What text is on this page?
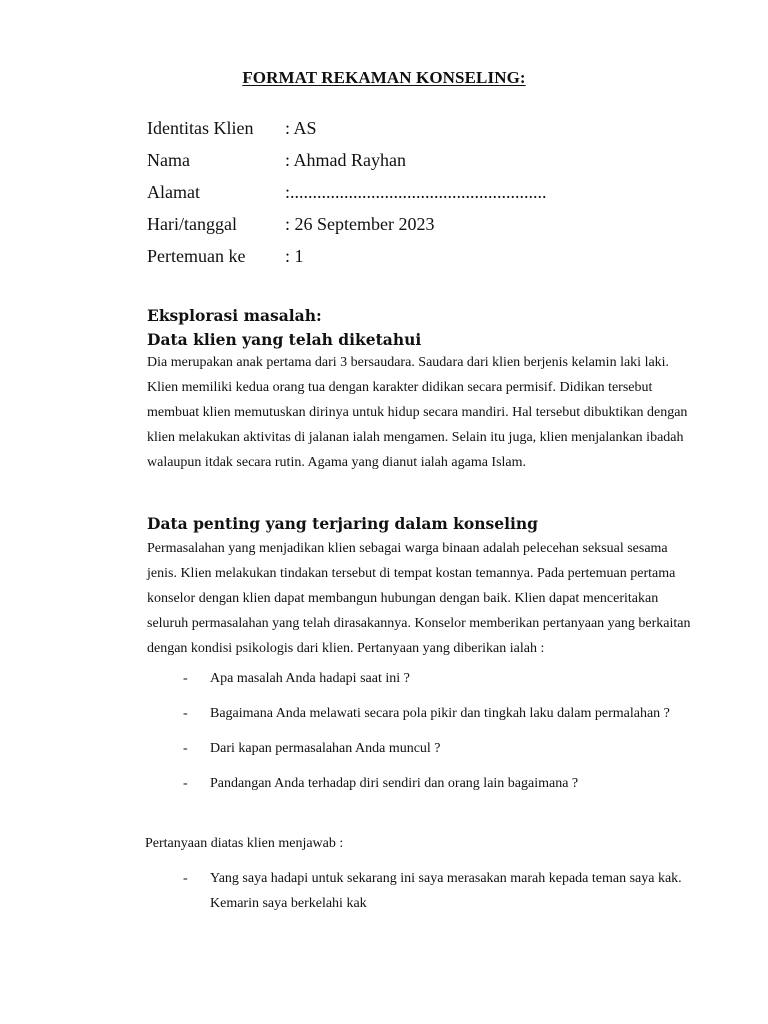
FORMAT REKAMAN KONSELING:
Identitas Klien	: AS
Nama	: Ahmad Rayhan
Alamat	:.........................................................
Hari/tanggal	: 26 September 2023
Pertemuan ke	: 1
Eksplorasi masalah:
Data klien yang telah diketahui
Dia merupakan anak pertama dari 3 bersaudara. Saudara dari klien berjenis kelamin laki laki.
Klien memiliki kedua orang tua dengan karakter didikan secara permisif. Didikan tersebut
membuat klien memutuskan dirinya untuk hidup secara mandiri. Hal tersebut dibuktikan dengan
klien melakukan aktivitas di jalanan ialah mengamen. Selain itu juga, klien menjalankan ibadah
walaupun itdak secara rutin. Agama yang dianut ialah agama Islam.
Data penting yang terjaring dalam konseling
Permasalahan yang menjadikan klien sebagai warga binaan adalah pelecehan seksual sesama
jenis. Klien melakukan tindakan tersebut di tempat kostan temannya. Pada pertemuan pertama
konselor dengan klien dapat membangun hubungan dengan baik. Klien dapat menceritakan
seluruh permasalahan yang telah dirasakannya. Konselor memberikan pertanyaan yang berkaitan
dengan kondisi psikologis dari klien. Pertanyaan yang diberikan ialah :
- Apa masalah Anda hadapi saat ini ?
- Bagaimana Anda melawati secara pola pikir dan tingkah laku dalam permalahan ?
- Dari kapan permasalahan Anda muncul ?
- Pandangan Anda terhadap diri sendiri dan orang lain bagaimana ?
Pertanyaan diatas klien menjawab :
- Yang saya hadapi untuk sekarang ini saya merasakan marah kepada teman saya kak.
Kemarin saya berkelahi kak
